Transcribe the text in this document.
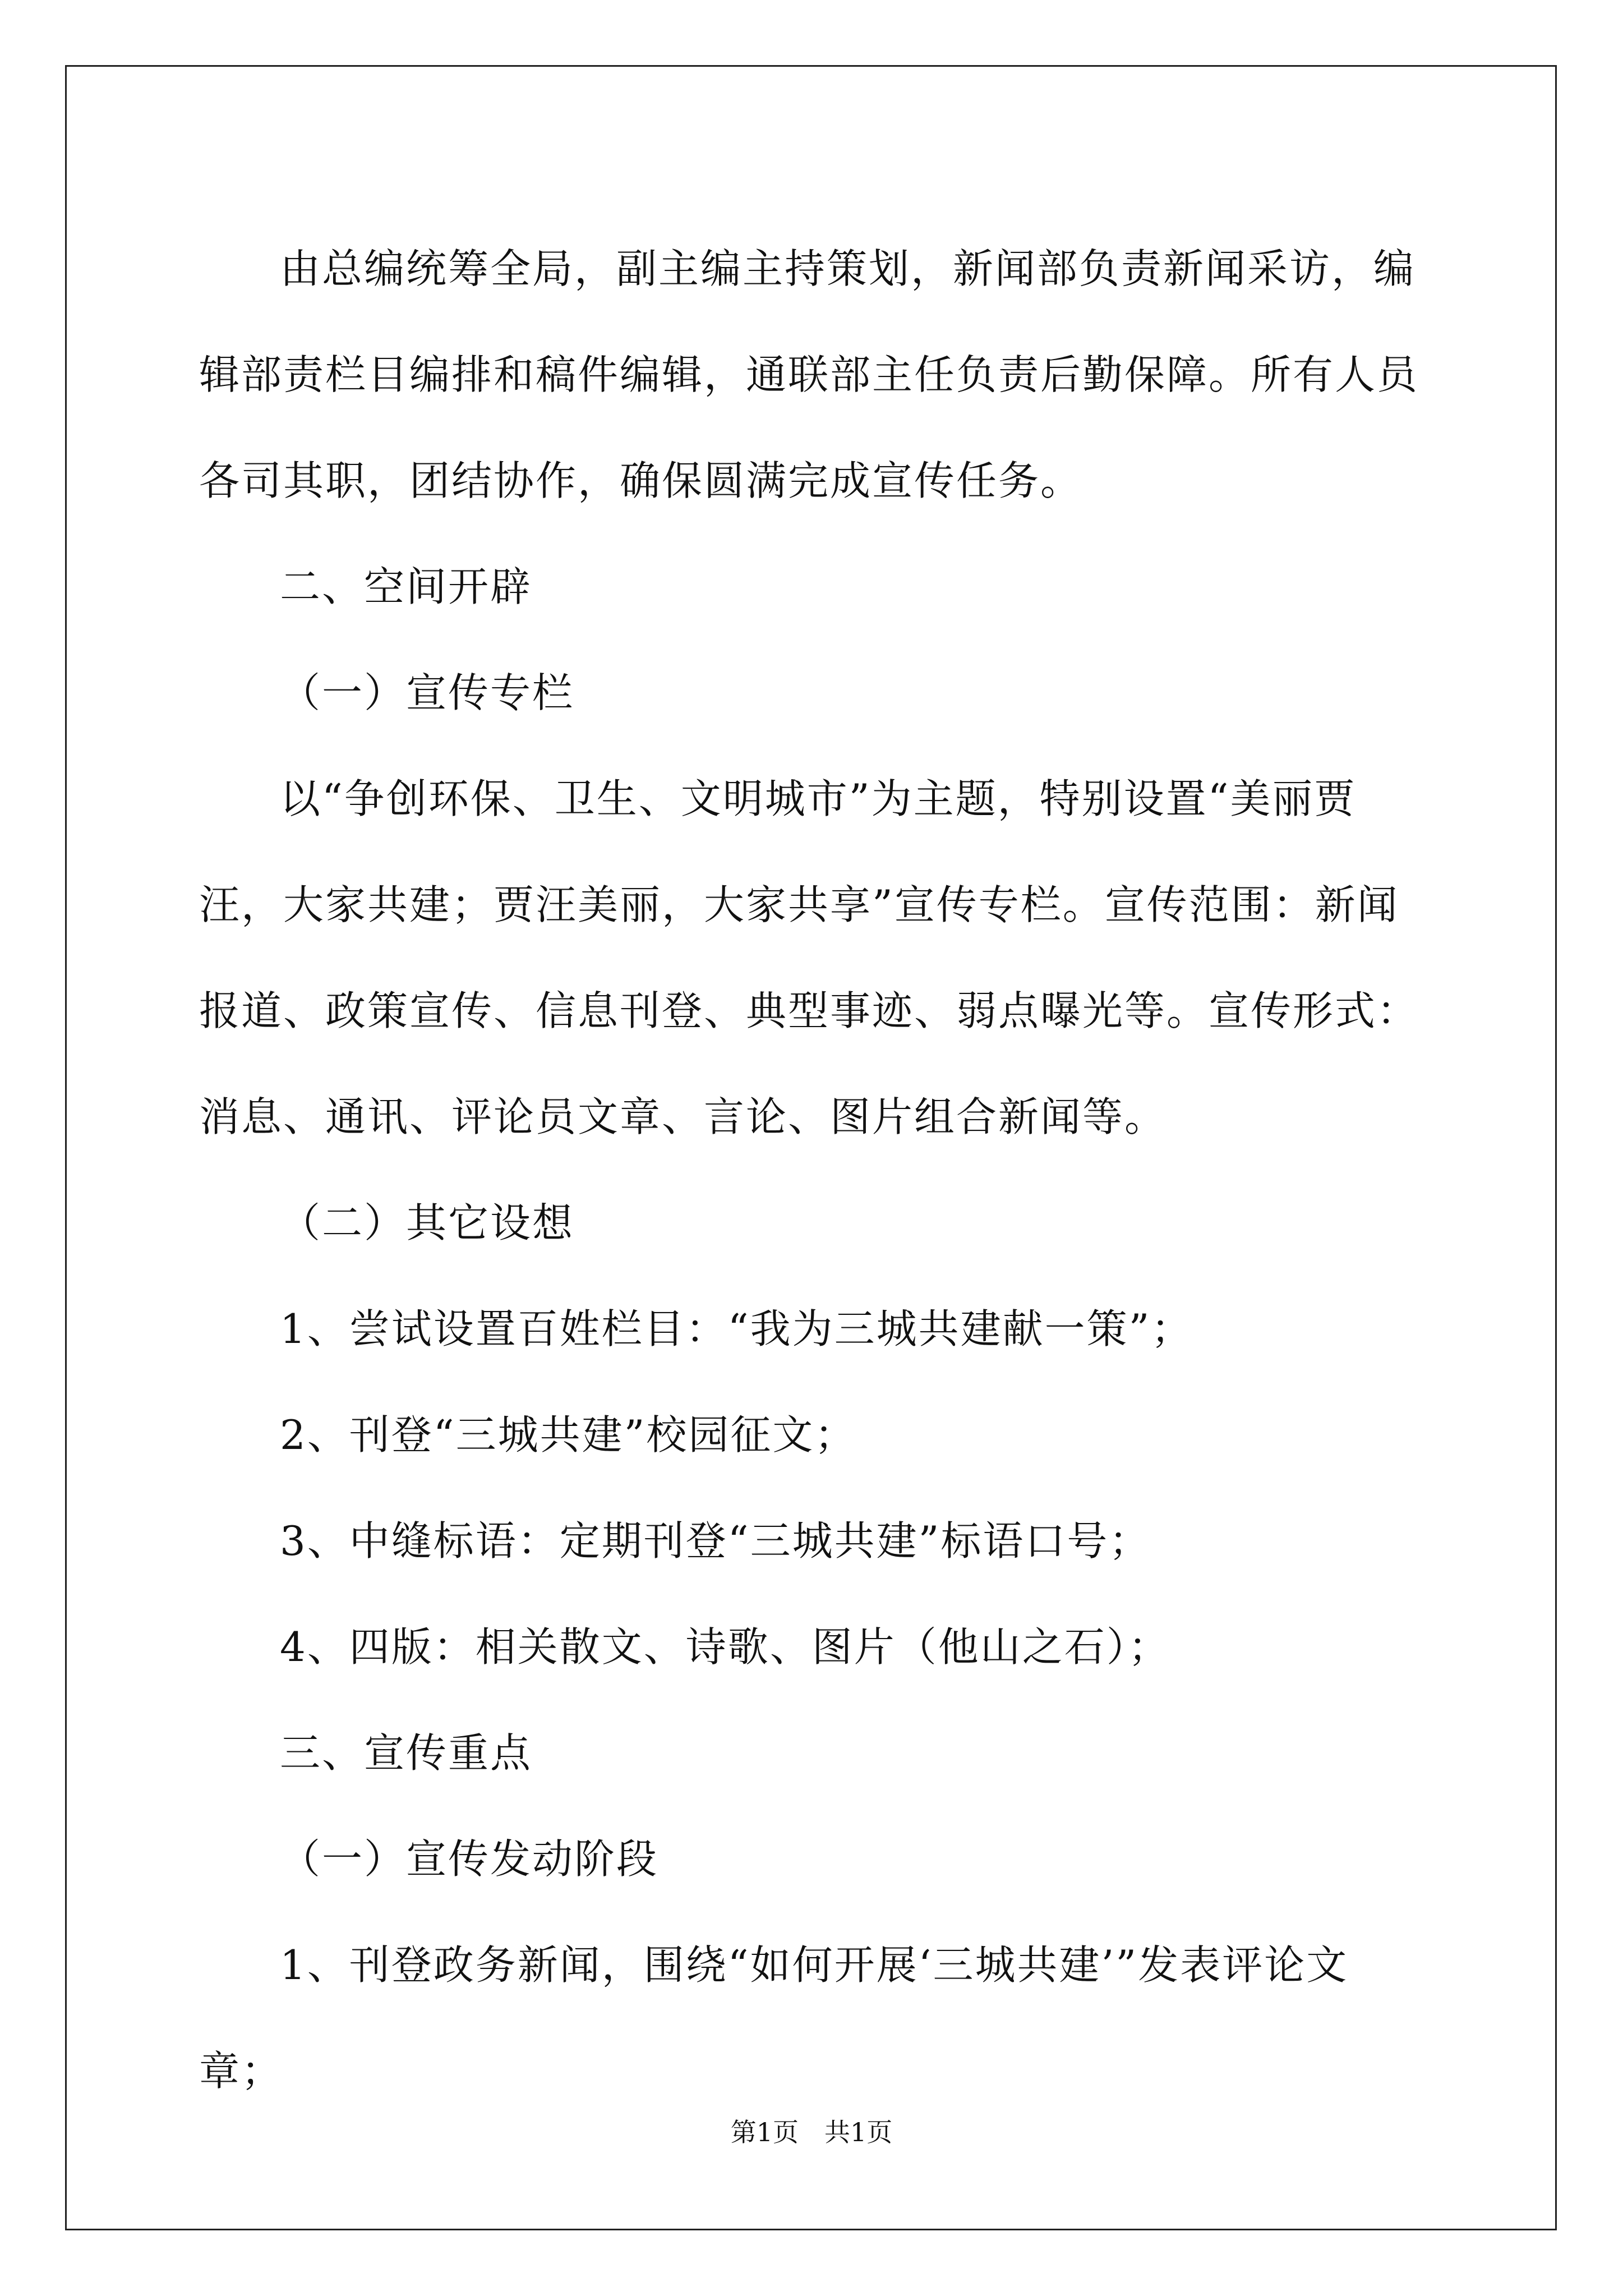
由总编统筹全局，副主编主持策划，新闻部负责新闻采访，编辑部责栏目编排和稿件编辑，通联部主任负责后勤保障。所有人员各司其职，团结协作，确保圆满完成宣传任务。

二、空间开辟

（一）宣传专栏

以“争创环保、卫生、文明城市”为主题，特别设置“美丽贾汪，大家共建；贾汪美丽，大家共享”宣传专栏。宣传范围：新闻报道、政策宣传、信息刊登、典型事迹、弱点曝光等。宣传形式：消息、通讯、评论员文章、言论、图片组合新闻等。

（二）其它设想

1、尝试设置百姓栏目：“我为三城共建献一策”；

2、刊登“三城共建”校园征文；

3、中缝标语：定期刊登“三城共建”标语口号；

4、四版：相关散文、诗歌、图片（他山之石）；

三、宣传重点

（一）宣传发动阶段

1、刊登政务新闻，围绕“如何开展‘三城共建’”发表评论文章；

第1页　共1页
